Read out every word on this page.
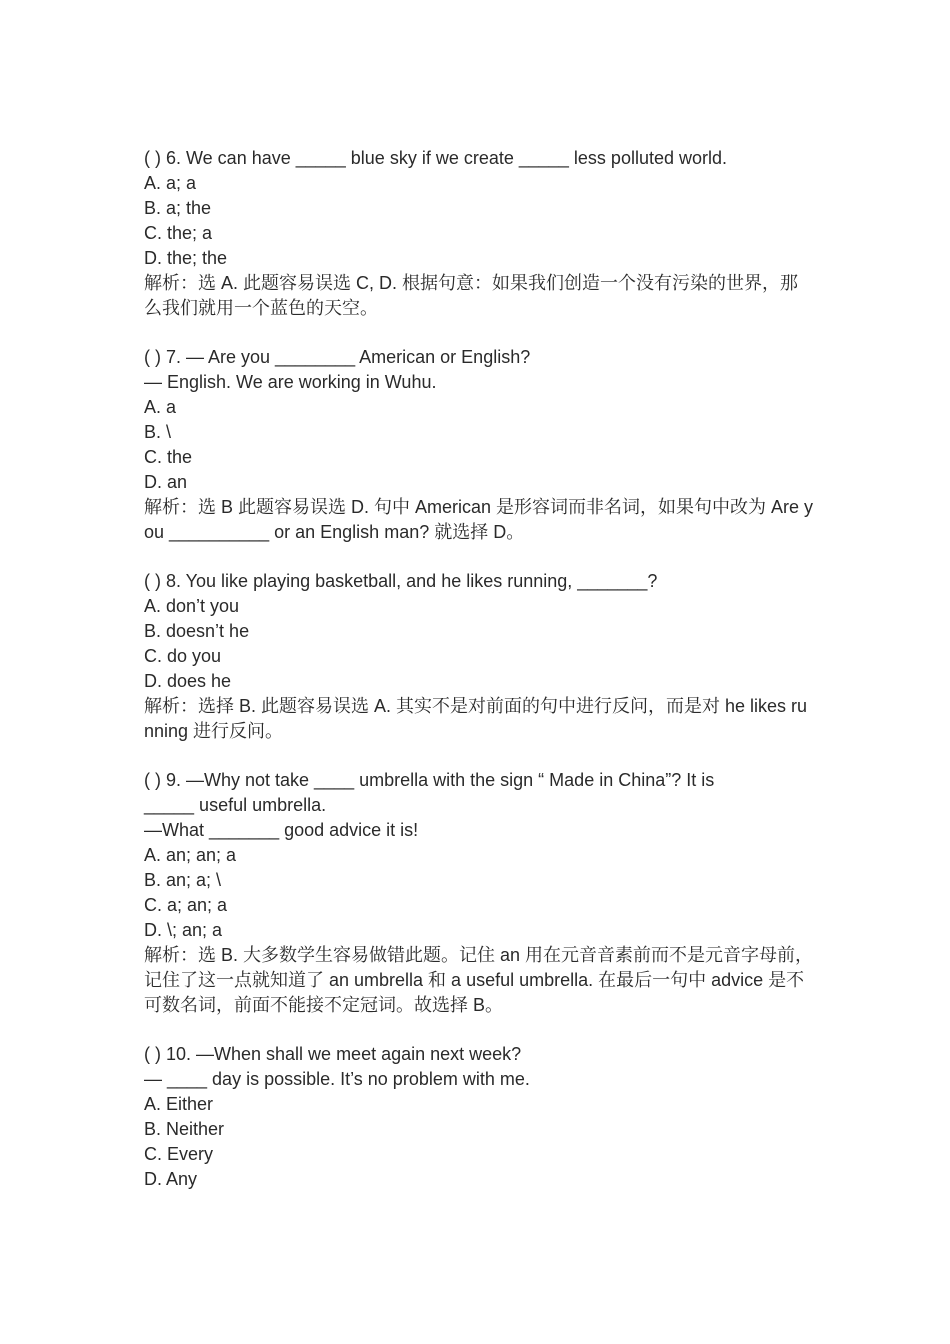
( ) 6. We can have _____ blue sky if we create _____ less polluted world.

A. a; a

B. a; the

C. the; a

D. the; the

解析：选 A. 此题容易误选 C, D. 根据句意：如果我们创造一个没有污染的世界，那么我们就用一个蓝色的天空。

( ) 7. — Are you ________ American or English?

— English. We are working in Wuhu.

A. a

B. \

C. the

D. an

解析：选 B 此题容易误选 D. 句中 American 是形容词而非名词，如果句中改为 Are you __________ or an English man? 就选择 D。

( ) 8. You like playing basketball, and he likes running, _______?

A. don’t you

B. doesn’t he

C. do you

D. does he

解析：选择 B. 此题容易误选 A. 其实不是对前面的句中进行反问，而是对 he likes running 进行反问。

( ) 9. —Why not take ____ umbrella with the sign “ Made in China”? It is

_____ useful umbrella.

—What _______ good advice it is!

A. an; an; a

B. an; a; \

C. a; an; a

D. \; an; a

解析：选 B. 大多数学生容易做错此题。记住 an 用在元音音素前而不是元音字母前，记住了这一点就知道了 an umbrella 和 a useful umbrella. 在最后一句中 advice 是不可数名词，前面不能接不定冠词。故选择 B。

( ) 10. —When shall we meet again next week?

— ____ day is possible. It’s no problem with me.

A. Either

B. Neither

C. Every

D. Any
